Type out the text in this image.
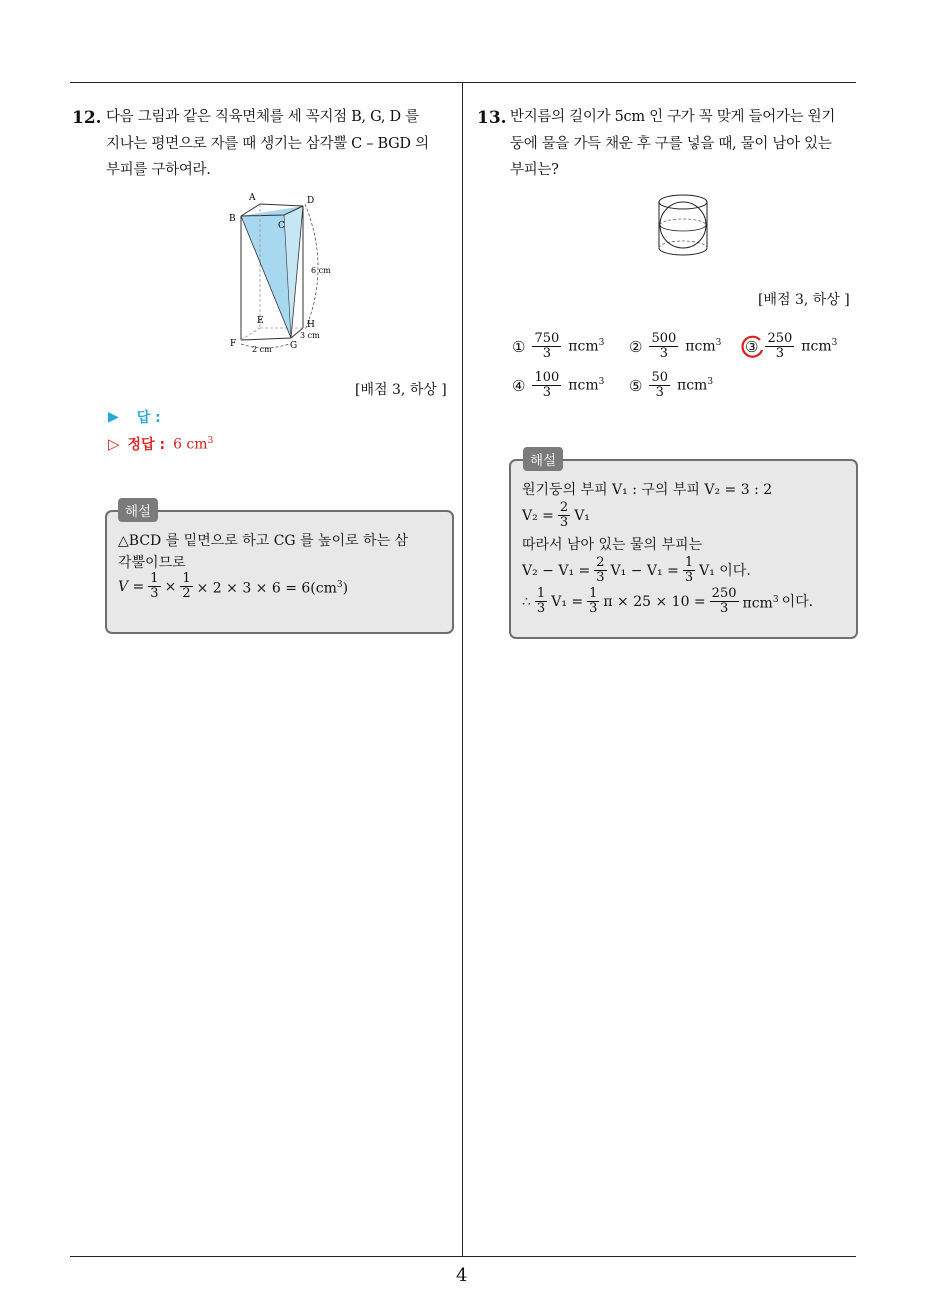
4
12. 다음 그림과 같은 직육면체를 세 꼭지점 B, G, D 를
지나는 평면으로 자를 때 생기는 삼각뿔 C – BGD 의
부피를 구하여라.
A
B
C
D
E
F	G
H
6 cm
2 cm
3 cm
[배점 3, 하상 ]
▶ 답 :
▷ 정답 : 6 $cm^3$
해설
△BCD 를 밑면으로 하고 CG 를 높이로 하는 삼
각뿔이므로
$V = \frac{1}{3} \times \frac{1}{2} \times 2 \times 3 \times 6 = 6(cm^3)$
13. 반지름의 길이가 5cm 인 구가 꼭 맞게 들어가는 원기
둥에 물을 가득 채운 후 구를 넣을 때, 물이 남아 있는
부피는?
[배점 3, 하상 ]
① $\frac{750}{3} \pi cm^3$ ② $\frac{500}{3} \pi cm^3$ ③ $\frac{250}{3} \pi cm^3$
④ $\frac{100}{3} \pi cm^3$ ⑤ $\frac{50}{3} \pi cm^3$
해설
원기둥의 부피 V₁ : 구의 부피 V₂ = 3 : 2
$V_2 = \frac{2}{3} V_1$
따라서 남아 있는 물의 부피는
$V_2 - V_1 = \frac{2}{3} V_1 - V_1 = \frac{1}{3} V_1$ 이다.
∴ $\frac{1}{3} V_1 = \frac{1}{3}$ $\pi \times 25 \times 10 = \frac{250}{3} \pi cm^3$ 이다.
